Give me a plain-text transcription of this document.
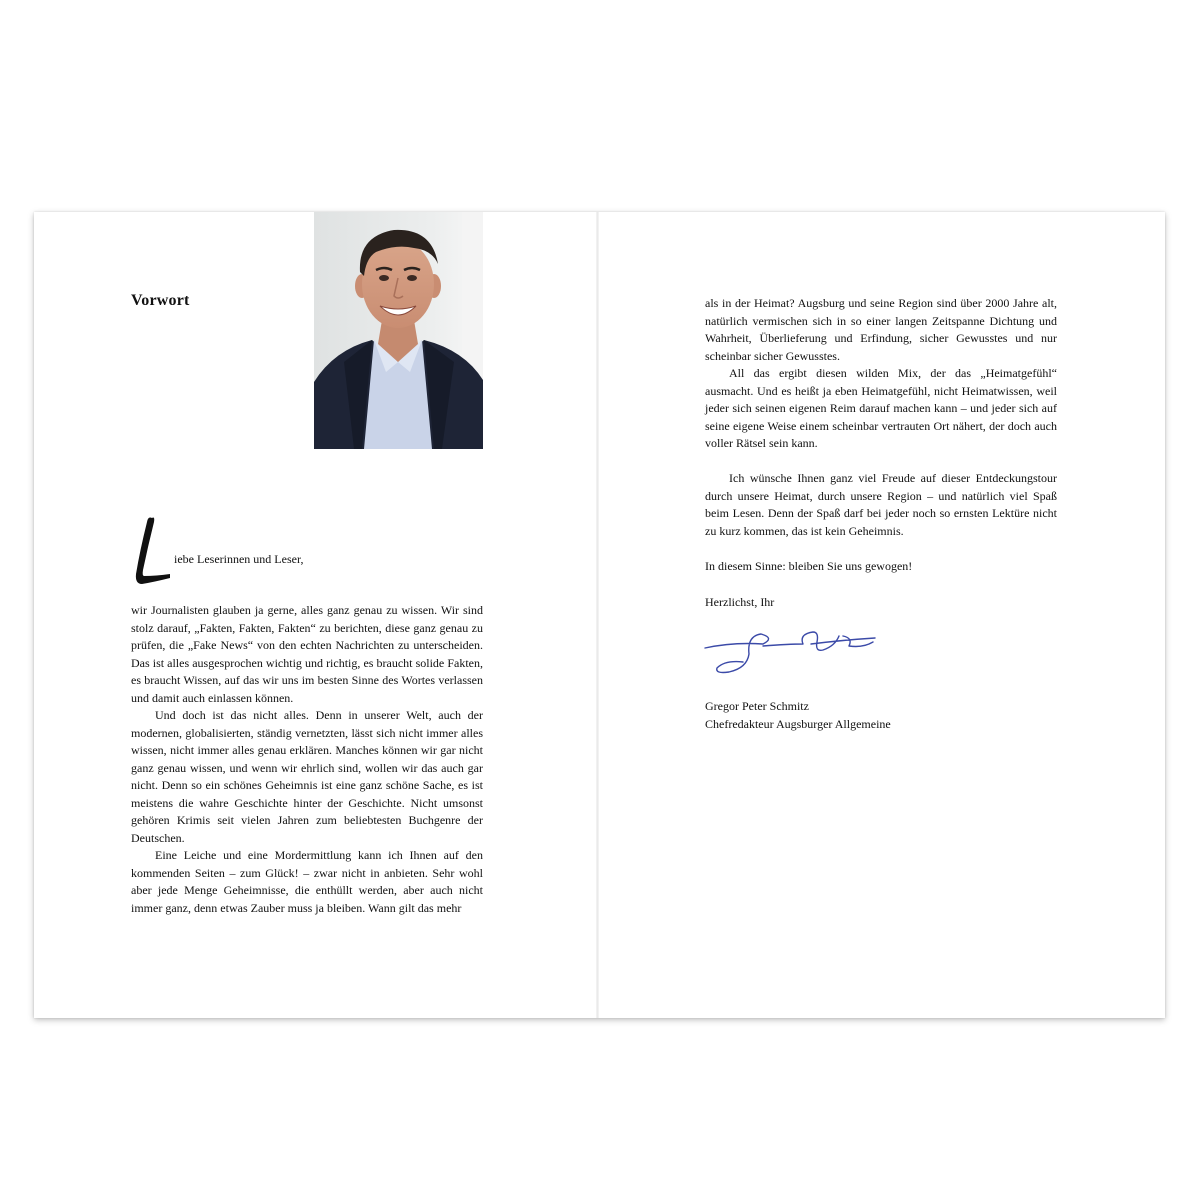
Vorwort
L

iebe Leserinnen und Leser,

wir Journalisten glauben ja gerne, alles ganz genau zu wissen. Wir sind stolz darauf, „Fakten, Fakten, Fakten“ zu berichten, diese ganz genau zu prüfen, die „Fake News“ von den echten Nachrichten zu unterscheiden. Das ist alles ausgesprochen wichtig und richtig, es braucht solide Fakten, es braucht Wissen, auf das wir uns im besten Sinne des Wortes verlassen und damit auch einlassen können.

Und doch ist das nicht alles. Denn in unserer Welt, auch der modernen, globalisierten, ständig vernetzten, lässt sich nicht immer alles wissen, nicht immer alles genau erklären. Manches können wir gar nicht ganz genau wissen, und wenn wir ehrlich sind, wollen wir das auch gar nicht. Denn so ein schönes Geheimnis ist eine ganz schöne Sache, es ist meistens die wahre Geschichte hinter der Geschichte. Nicht umsonst gehören Krimis seit vielen Jahren zum beliebtesten Buchgenre der Deutschen.

Eine Leiche und eine Mordermittlung kann ich Ihnen auf den kommenden Seiten – zum Glück! – zwar nicht in anbieten. Sehr wohl aber jede Menge Geheimnisse, die enthüllt werden, aber auch nicht immer ganz, denn etwas Zauber muss ja bleiben. Wann gilt das mehr

als in der Heimat? Augsburg und seine Region sind über 2000 Jahre alt, natürlich vermischen sich in so einer langen Zeitspanne Dichtung und Wahrheit, Überlieferung und Erfindung, sicher Gewusstes und nur scheinbar sicher Gewusstes.

All das ergibt diesen wilden Mix, der das „Heimatgefühl“ ausmacht. Und es heißt ja eben Heimatgefühl, nicht Heimatwissen, weil jeder sich seinen eigenen Reim darauf machen kann – und jeder sich auf seine eigene Weise einem scheinbar vertrauten Ort nähert, der doch auch voller Rätsel sein kann.

Ich wünsche Ihnen ganz viel Freude auf dieser Entdeckungstour durch unsere Heimat, durch unsere Region – und natürlich viel Spaß beim Lesen. Denn der Spaß darf bei jeder noch so ernsten Lektüre nicht zu kurz kommen, das ist kein Geheimnis.

In diesem Sinne: bleiben Sie uns gewogen!

Herzlichst, Ihr

Gregor Peter Schmitz

Chefredakteur Augsburger Allgemeine
